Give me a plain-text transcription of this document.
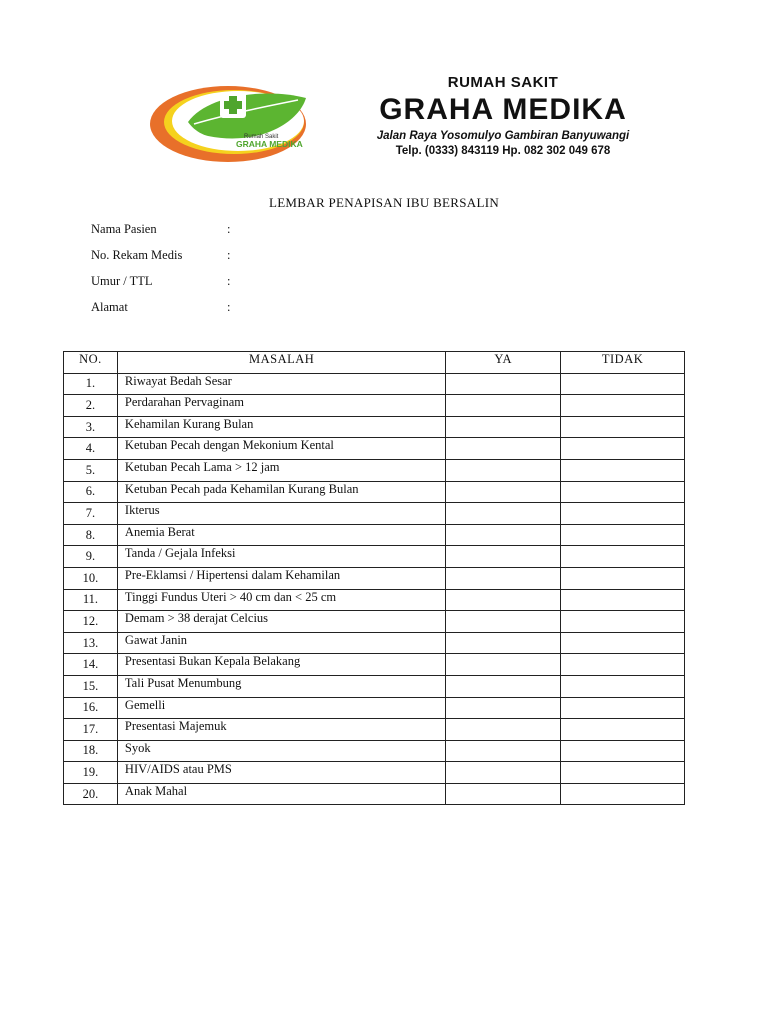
Rumah Sakit
GRAHA MEDIKA
RUMAH SAKIT
GRAHA MEDIKA
Jalan Raya Yosomulyo Gambiran Banyuwangi
Telp. (0333) 843119 Hp. 082 302 049 678
LEMBAR PENAPISAN IBU BERSALIN
Nama Pasien	:
No. Rekam Medis	:
Umur / TTL	:
Alamat	:
NO.	MASALAH	YA	TIDAK
1.	Riwayat Bedah Sesar		
2.	Perdarahan Pervaginam		
3.	Kehamilan Kurang Bulan		
4.	Ketuban Pecah dengan Mekonium Kental		
5.	Ketuban Pecah Lama > 12 jam		
6.	Ketuban Pecah pada Kehamilan Kurang Bulan		
7.	Ikterus		
8.	Anemia Berat		
9.	Tanda / Gejala Infeksi		
10.	Pre-Eklamsi / Hipertensi dalam Kehamilan		
11.	Tinggi Fundus Uteri > 40 cm dan < 25 cm		
12.	Demam > 38 derajat Celcius		
13.	Gawat Janin		
14.	Presentasi Bukan Kepala Belakang		
15.	Tali Pusat Menumbung		
16.	Gemelli		
17.	Presentasi Majemuk		
18.	Syok		
19.	HIV/AIDS atau PMS		
20.	Anak Mahal		
